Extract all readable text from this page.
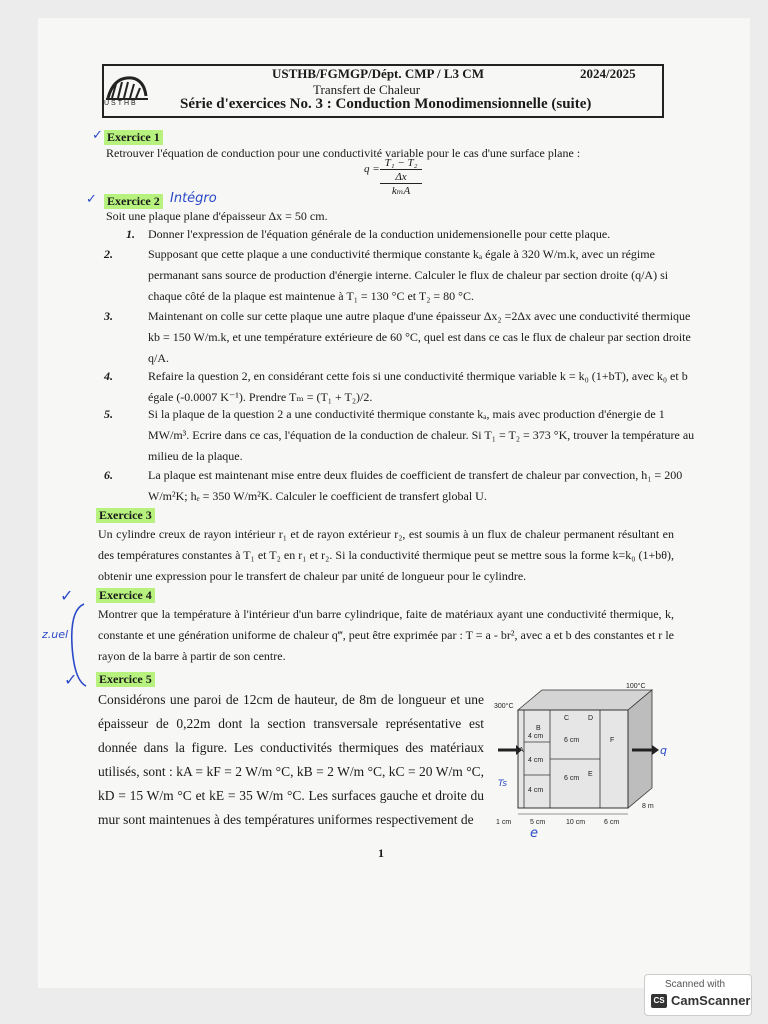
USTHB
USTHB/FGMGP/Dépt. CMP / L3 CM	2024/2025
Transfert de Chaleur
Série d'exercices No. 3 : Conduction Monodimensionnelle (suite)
✓ Exercice 1
Retrouver l'équation de conduction pour une conductivité variable pour le cas d'une surface plane :
q = T₁ − T₂
Δx
kₘA
✓ Exercice 2 Intégro
Soit une plaque plane d'épaisseur Δx = 50 cm.
1. Donner l'expression de l'équation générale de la conduction unidemensionelle pour cette plaque.
2.	Supposant que cette plaque a une conductivité thermique constante kₐ égale à 320 W/m.k, avec un régime permanant sans source de production d'énergie interne. Calculer le flux de chaleur par section droite (q/A) si chaque côté de la plaque est maintenue à T₁ = 130 °C et T₂ = 80 °C.
3.	Maintenant on colle sur cette plaque une autre plaque d'une épaisseur Δx₂ =2Δx avec une conductivité thermique kb = 150 W/m.k, et une température extérieure de 60 °C, quel est dans ce cas le flux de chaleur par section droite q/A.
4.	Refaire la question 2, en considérant cette fois si une conductivité thermique variable k = k₀ (1+bT), avec k₀ et b égale (-0.0007 K⁻¹). Prendre Tₘ = (T₁ + T₂)/2.
5.	Si la plaque de la question 2 a une conductivité thermique constante kₐ, mais avec production d'énergie de 1 MW/m³. Ecrire dans ce cas, l'équation de la conduction de chaleur. Si T₁ = T₂ = 373 °K, trouver la température au milieu de la plaque.
6.	La plaque est maintenant mise entre deux fluides de coefficient de transfert de chaleur par convection, h₁ = 200 W/m²K; hₑ = 350 W/m²K. Calculer le coefficient de transfert global U.
Exercice 3
Un cylindre creux de rayon intérieur r₁ et de rayon extérieur r₂, est soumis à un flux de chaleur permanent résultant en des températures constantes à T₁ et T₂ en r₁ et r₂. Si la conductivité thermique peut se mettre sous la forme k=k₀ (1+bθ), obtenir une expression pour le transfert de chaleur par unité de longueur pour le cylindre.
✓
z.uel
Exercice 4
Montrer que la température à l'intérieur d'un barre cylindrique, faite de matériaux ayant une conductivité thermique, k, constante et une génération uniforme de chaleur q‴, peut être exprimée par : T = a - br², avec a et b des constantes et r le rayon de la barre à partir de son centre.
✓ Exercice 5
Considérons une paroi de 12cm de hauteur, de 8m de longueur et une épaisseur de 0,22m dont la section transversale représentative est donnée dans la figure. Les conductivités thermiques des matériaux utilisés, sont : kA = kF = 2 W/m °C, kB = 2 W/m °C, kC = 20 W/m °C, kD = 15 W/m °C et kE = 35 W/m °C. Les surfaces gauche et droite du mur sont maintenues à des températures uniformes respectivement de
300°C
100°C
A
B
C	D
E
F
4 cm
6 cm
4 cm
6 cm
4 cm
8 m
q
Ts
1 cm	5 cm	10 cm	6 cm
e
1
Scanned with
CS CamScanner
